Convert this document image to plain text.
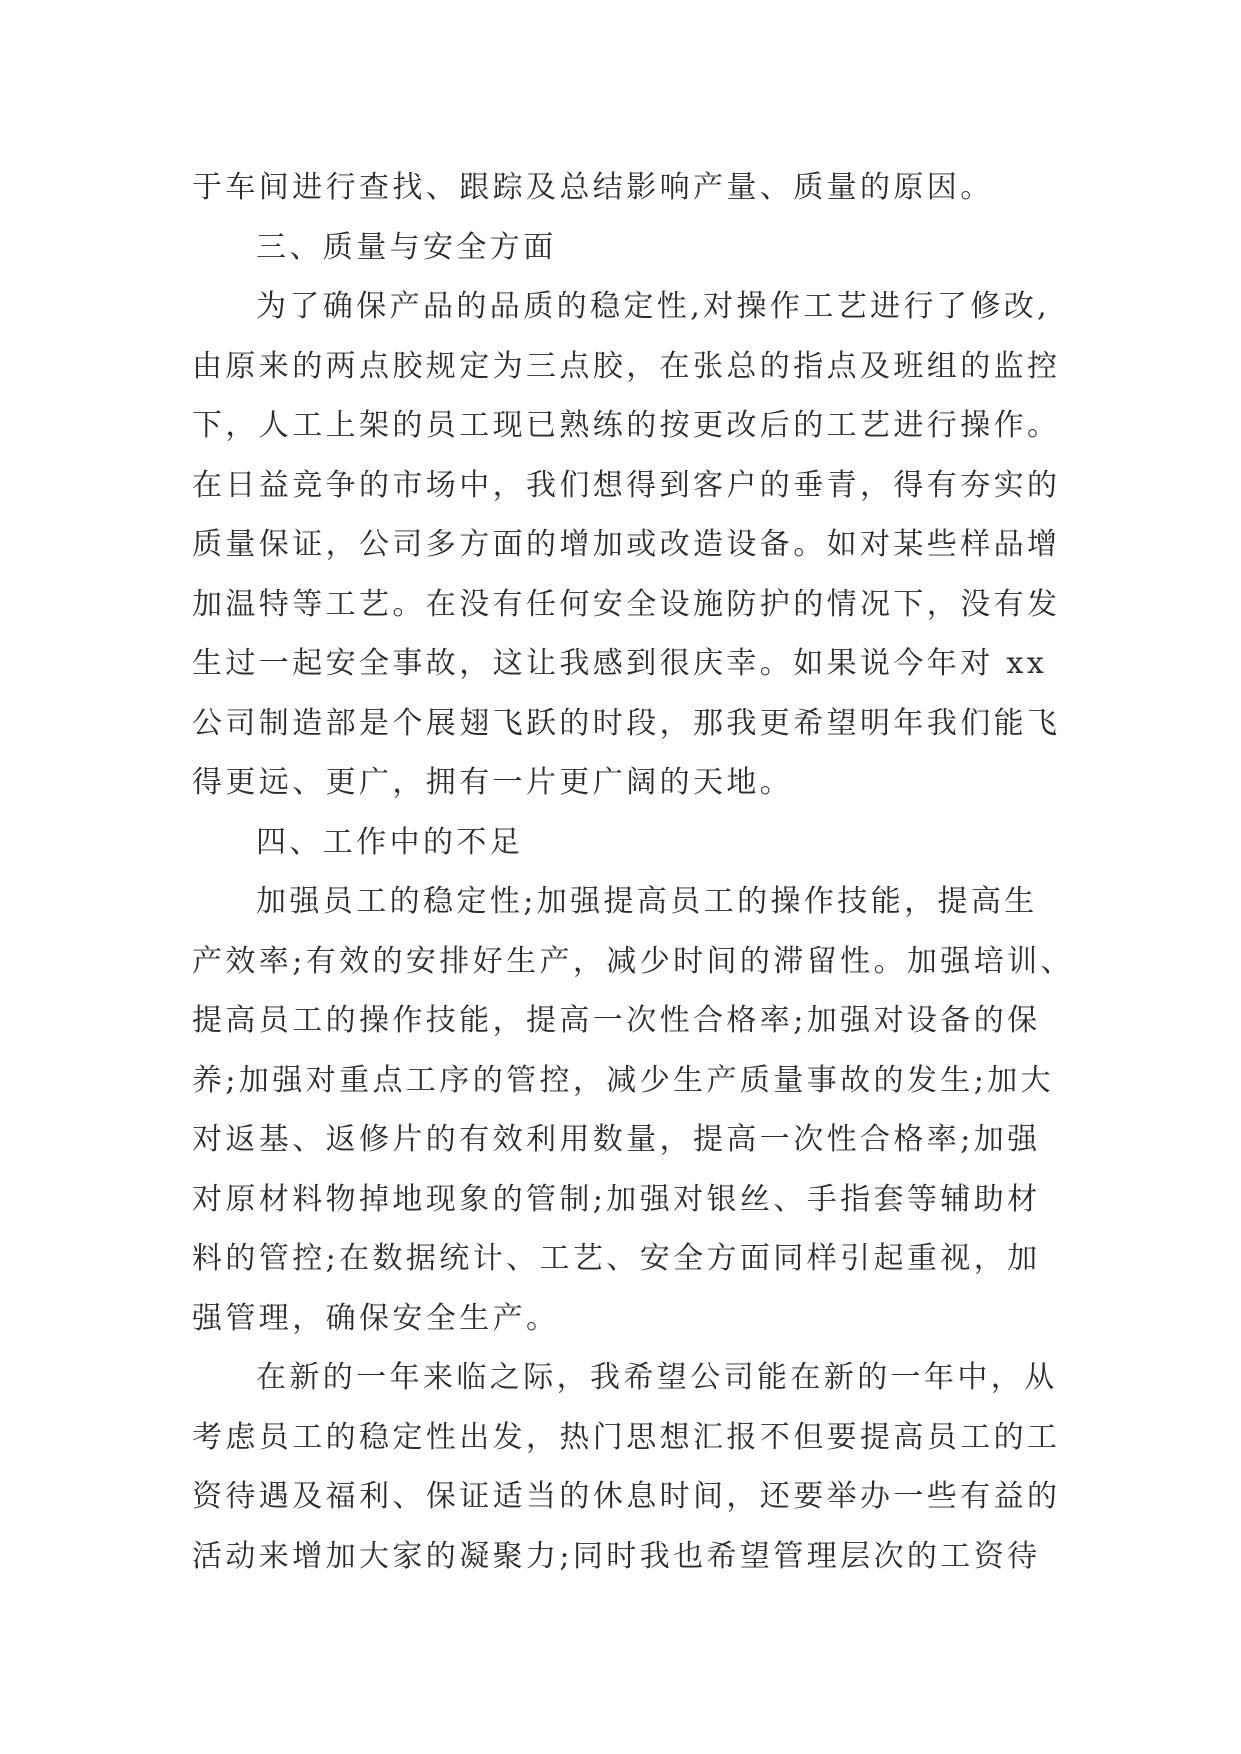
于车间进行查找、跟踪及总结影响产量、质量的原因。
三、质量与安全方面
为了确保产品的品质的稳定性,对操作工艺进行了修改,
由原来的两点胶规定为三点胶，在张总的指点及班组的监控
下，人工上架的员工现已熟练的按更改后的工艺进行操作。
在日益竞争的市场中，我们想得到客户的垂青，得有夯实的
质量保证，公司多方面的增加或改造设备。如对某些样品增
加温特等工艺。在没有任何安全设施防护的情况下，没有发
生过一起安全事故，这让我感到很庆幸。如果说今年对 xx
公司制造部是个展翅飞跃的时段，那我更希望明年我们能飞
得更远、更广，拥有一片更广阔的天地。
四、工作中的不足
加强员工的稳定性;加强提高员工的操作技能，提高生
产效率;有效的安排好生产，减少时间的滞留性。加强培训、
提高员工的操作技能，提高一次性合格率;加强对设备的保
养;加强对重点工序的管控，减少生产质量事故的发生;加大
对返基、返修片的有效利用数量，提高一次性合格率;加强
对原材料物掉地现象的管制;加强对银丝、手指套等辅助材
料的管控;在数据统计、工艺、安全方面同样引起重视，加
强管理，确保安全生产。
在新的一年来临之际，我希望公司能在新的一年中，从
考虑员工的稳定性出发，热门思想汇报不但要提高员工的工
资待遇及福利、保证适当的休息时间，还要举办一些有益的
活动来增加大家的凝聚力;同时我也希望管理层次的工资待
